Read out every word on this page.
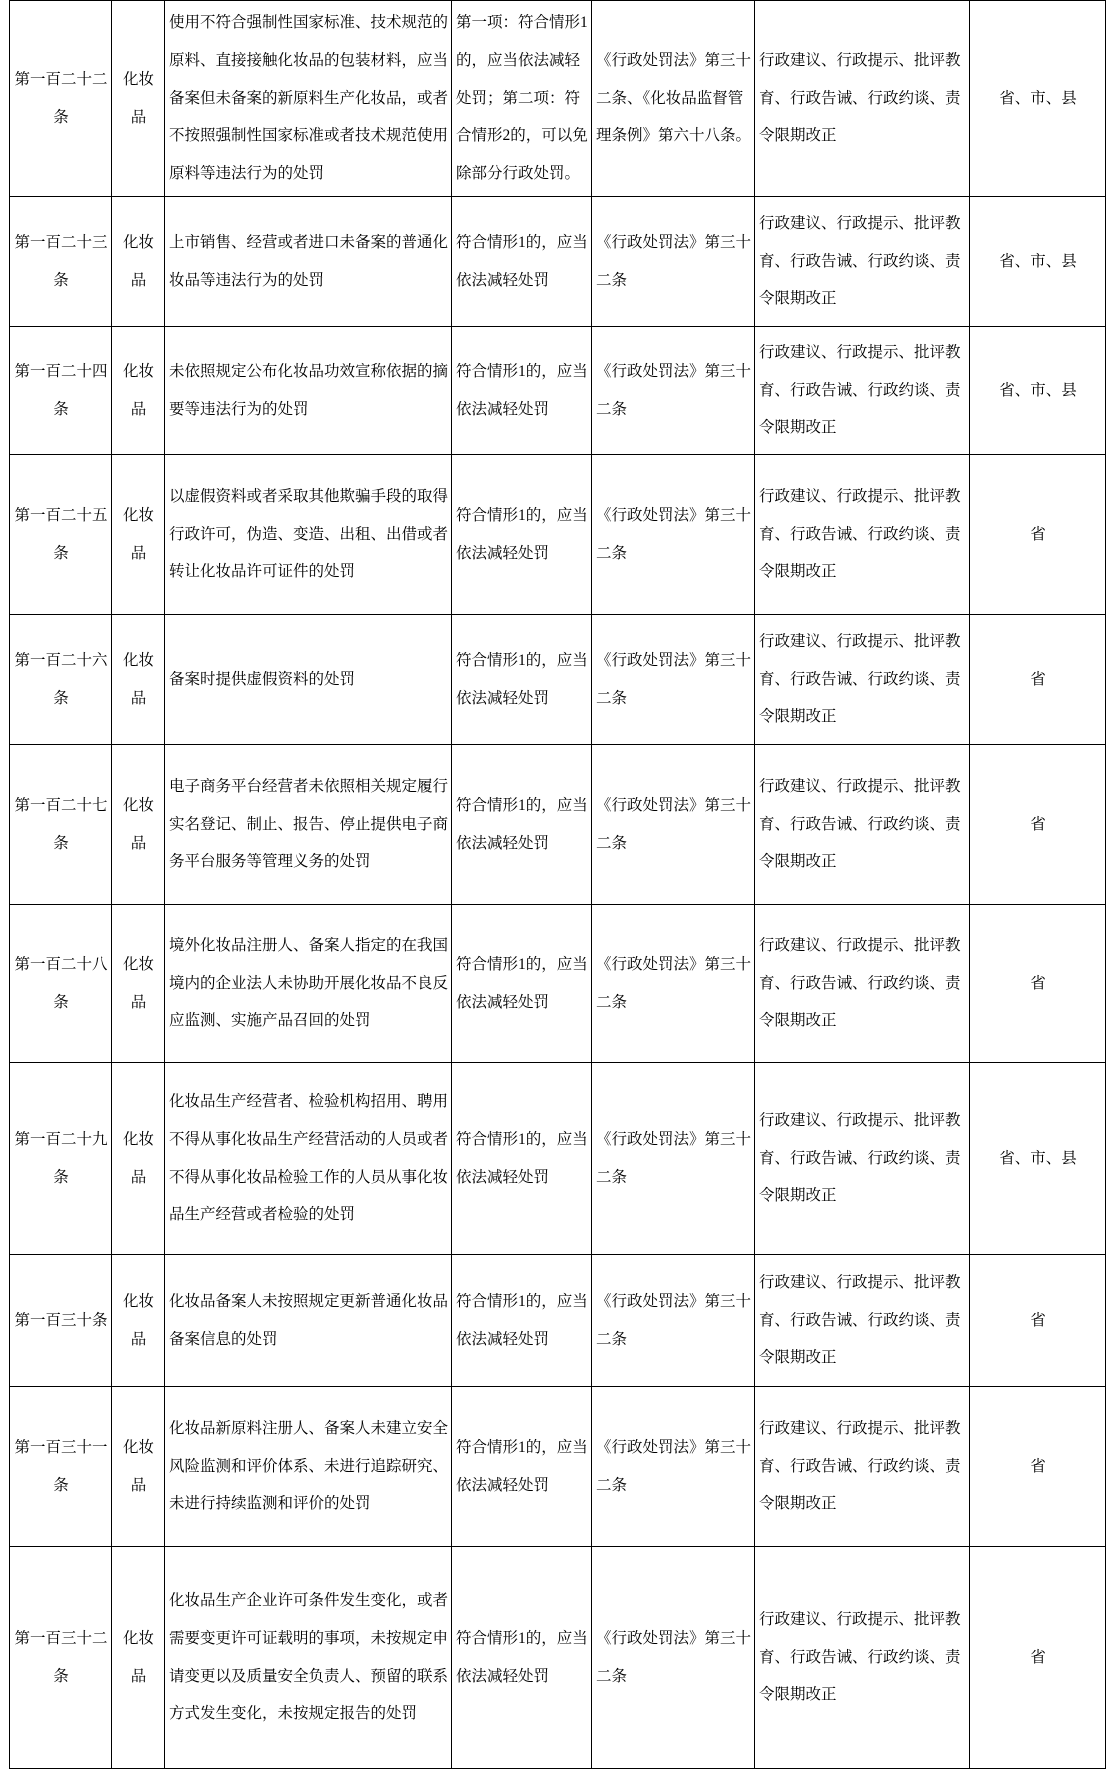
第一百二十二条	化妆品	使用不符合强制性国家标准、技术规范的原料、直接接触化妆品的包装材料，应当备案但未备案的新原料生产化妆品，或者不按照强制性国家标准或者技术规范使用原料等违法行为的处罚	第一项：符合情形1的，应当依法减轻处罚；第二项：符合情形2的，可以免除部分行政处罚。	《行政处罚法》第三十二条、《化妆品监督管理条例》第六十八条。	行政建议、行政提示、批评教育、行政告诫、行政约谈、责令限期改正	省、市、县

第一百二十三条	化妆品	上市销售、经营或者进口未备案的普通化妆品等违法行为的处罚	符合情形1的，应当依法减轻处罚	《行政处罚法》第三十二条	行政建议、行政提示、批评教育、行政告诫、行政约谈、责令限期改正	省、市、县

第一百二十四条	化妆品	未依照规定公布化妆品功效宣称依据的摘要等违法行为的处罚	符合情形1的，应当依法减轻处罚	《行政处罚法》第三十二条	行政建议、行政提示、批评教育、行政告诫、行政约谈、责令限期改正	省、市、县

第一百二十五条	化妆品	以虚假资料或者采取其他欺骗手段的取得行政许可，伪造、变造、出租、出借或者转让化妆品许可证件的处罚	符合情形1的，应当依法减轻处罚	《行政处罚法》第三十二条	行政建议、行政提示、批评教育、行政告诫、行政约谈、责令限期改正	省

第一百二十六条	化妆品	备案时提供虚假资料的处罚	符合情形1的，应当依法减轻处罚	《行政处罚法》第三十二条	行政建议、行政提示、批评教育、行政告诫、行政约谈、责令限期改正	省

第一百二十七条	化妆品	电子商务平台经营者未依照相关规定履行实名登记、制止、报告、停止提供电子商务平台服务等管理义务的处罚	符合情形1的，应当依法减轻处罚	《行政处罚法》第三十二条	行政建议、行政提示、批评教育、行政告诫、行政约谈、责令限期改正	省

第一百二十八条	化妆品	境外化妆品注册人、备案人指定的在我国境内的企业法人未协助开展化妆品不良反应监测、实施产品召回的处罚	符合情形1的，应当依法减轻处罚	《行政处罚法》第三十二条	行政建议、行政提示、批评教育、行政告诫、行政约谈、责令限期改正	省

第一百二十九条	化妆品	化妆品生产经营者、检验机构招用、聘用不得从事化妆品生产经营活动的人员或者不得从事化妆品检验工作的人员从事化妆品生产经营或者检验的处罚	符合情形1的，应当依法减轻处罚	《行政处罚法》第三十二条	行政建议、行政提示、批评教育、行政告诫、行政约谈、责令限期改正	省、市、县

第一百三十条	化妆品	化妆品备案人未按照规定更新普通化妆品备案信息的处罚	符合情形1的，应当依法减轻处罚	《行政处罚法》第三十二条	行政建议、行政提示、批评教育、行政告诫、行政约谈、责令限期改正	省

第一百三十一条	化妆品	化妆品新原料注册人、备案人未建立安全风险监测和评价体系、未进行追踪研究、未进行持续监测和评价的处罚	符合情形1的，应当依法减轻处罚	《行政处罚法》第三十二条	行政建议、行政提示、批评教育、行政告诫、行政约谈、责令限期改正	省

第一百三十二条	化妆品	化妆品生产企业许可条件发生变化，或者需要变更许可证载明的事项，未按规定申请变更以及质量安全负责人、预留的联系方式发生变化，未按规定报告的处罚	符合情形1的，应当依法减轻处罚	《行政处罚法》第三十二条	行政建议、行政提示、批评教育、行政告诫、行政约谈、责令限期改正	省
